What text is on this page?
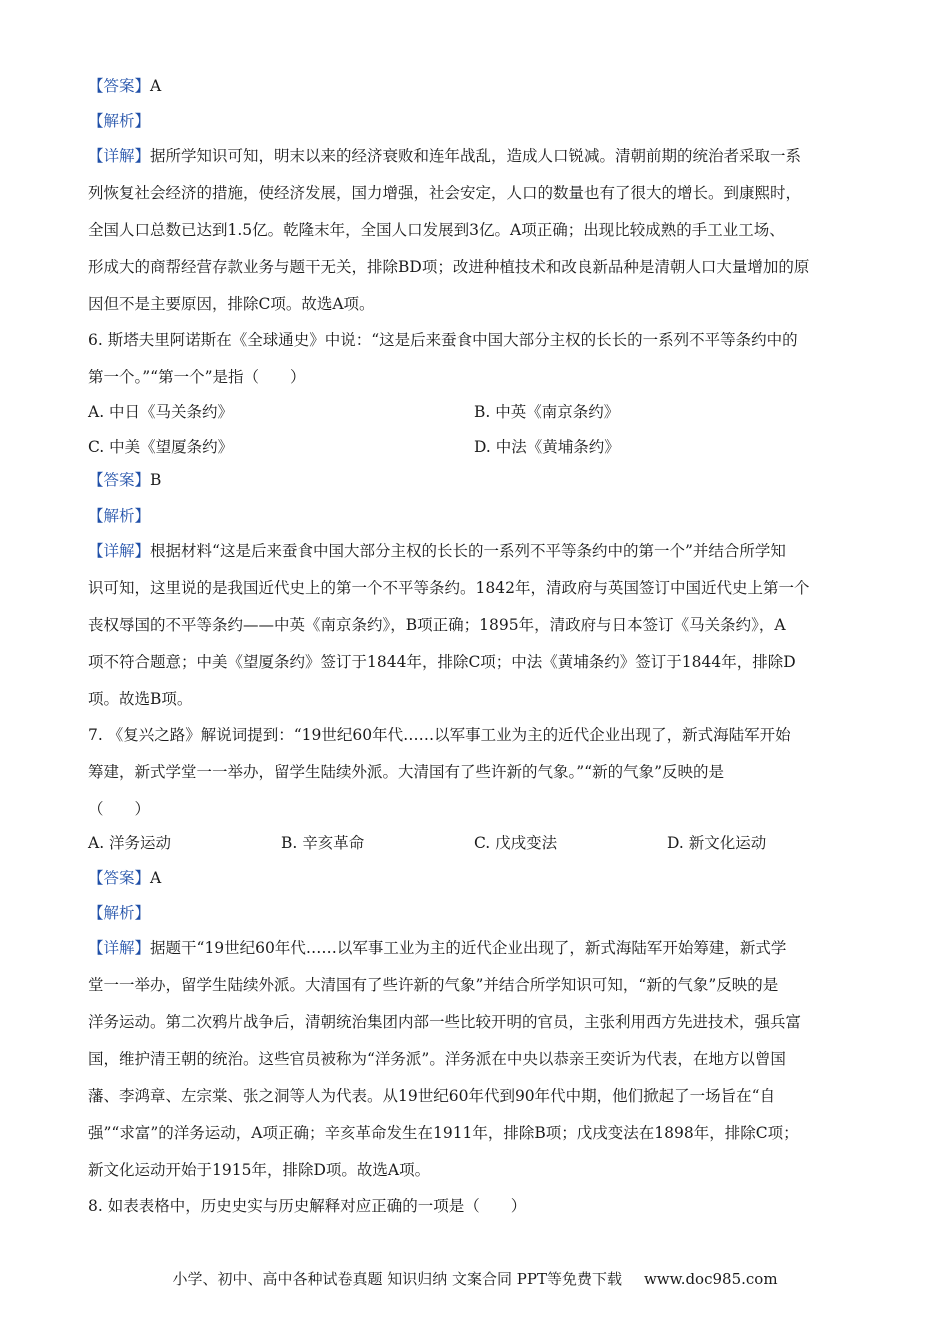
【答案】A
【解析】
【详解】据所学知识可知，明末以来的经济衰败和连年战乱，造成人口锐减。清朝前期的统治者采取一系
列恢复社会经济的措施，使经济发展，国力增强，社会安定，人口的数量也有了很大的增长。到康熙时，
全国人口总数已达到1.5亿。乾隆末年，全国人口发展到3亿。A项正确；出现比较成熟的手工业工场、
形成大的商帮经营存款业务与题干无关，排除BD项；改进种植技术和改良新品种是清朝人口大量增加的原
因但不是主要原因，排除C项。故选A项。
6. 斯塔夫里阿诺斯在《全球通史》中说：“这是后来蚕食中国大部分主权的长长的一系列不平等条约中的
第一个。”“第一个”是指（　　）
A. 中日《马关条约》	B. 中英《南京条约》
C. 中美《望厦条约》	D. 中法《黄埔条约》
【答案】B
【解析】
【详解】根据材料“这是后来蚕食中国大部分主权的长长的一系列不平等条约中的第一个”并结合所学知
识可知，这里说的是我国近代史上的第一个不平等条约。1842年，清政府与英国签订中国近代史上第一个
丧权辱国的不平等条约——中英《南京条约》，B项正确；1895年，清政府与日本签订《马关条约》，A
项不符合题意；中美《望厦条约》签订于1844年，排除C项；中法《黄埔条约》签订于1844年，排除D
项。故选B项。
7. 《复兴之路》解说词提到：“19世纪60年代……以军事工业为主的近代企业出现了，新式海陆军开始
筹建，新式学堂一一举办，留学生陆续外派。大清国有了些许新的气象。”“新的气象”反映的是
（　　）
A. 洋务运动	B. 辛亥革命	C. 戊戌变法	D. 新文化运动
【答案】A
【解析】
【详解】据题干“19世纪60年代……以军事工业为主的近代企业出现了，新式海陆军开始筹建，新式学
堂一一举办，留学生陆续外派。大清国有了些许新的气象”并结合所学知识可知，“新的气象”反映的是
洋务运动。第二次鸦片战争后，清朝统治集团内部一些比较开明的官员，主张利用西方先进技术，强兵富
国，维护清王朝的统治。这些官员被称为“洋务派”。洋务派在中央以恭亲王奕䜣为代表，在地方以曾国
藩、李鸿章、左宗棠、张之洞等人为代表。从19世纪60年代到90年代中期，他们掀起了一场旨在“自
强”“求富”的洋务运动，A项正确；辛亥革命发生在1911年，排除B项；戊戌变法在1898年，排除C项；
新文化运动开始于1915年，排除D项。故选A项。
8. 如表表格中，历史史实与历史解释对应正确的一项是（　　）
小学、初中、高中各种试卷真题 知识归纳 文案合同 PPT等免费下载 www.doc985.com
